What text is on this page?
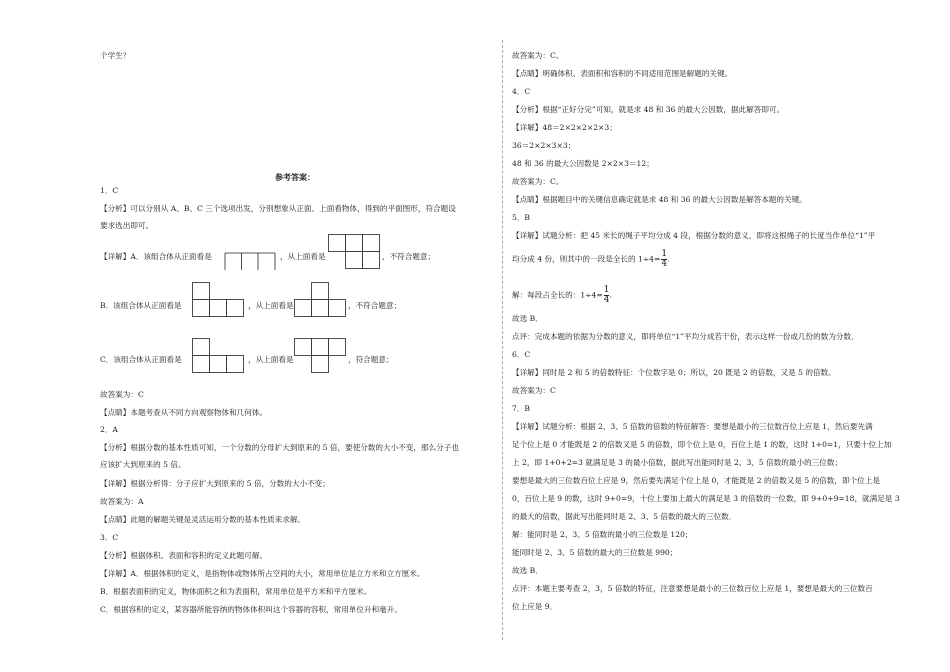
个学生？
参考答案：
1．C
【分析】可以分别从 A、B、C 三个选项出发，分别想象从正面、上面看物体，得到的平面图形，符合题设
要求选出即可。
【详解】A．该组合体从正面看是	，从上面看是	，不符合题意；
B．该组合体从正面看是	，从上面看是	，不符合题意；
C．该组合体从正面看是	，从上面看是	，符合题意；
故答案为：C
【点睛】本题考查从不同方向观察物体和几何体。
2．A
【分析】根据分数的基本性质可知，一个分数的分母扩大到原来的 5 倍，要使分数的大小不变，那么分子也
应该扩大到原来的 5 倍。
【详解】根据分析得：分子应扩大到原来的 5 倍，分数的大小不变；
故答案为：A
【点睛】此题的解题关键是灵活运用分数的基本性质来求解。
3．C
【分析】根据体积、表面和容积的定义此题可解。
【详解】A．根据体积的定义，是指物体或物体所占空间的大小，常用单位是立方米和立方厘米。
B．根据表面积的定义，物体面积之和为表面积，常用单位是平方米和平方厘米。
C．根据容积的定义，某容器所能容纳的物体体积叫这个容器的容积，常用单位升和毫升。
故答案为：C。
【点睛】明确体积、表面积和容积的不同适用范围是解题的关键。
4．C
【分析】根据“正好分完”可知，就是求 48 和 36 的最大公因数，据此解答即可。
【详解】48＝2×2×2×2×3；
36＝2×2×3×3；
48 和 36 的最大公因数是 2×2×3＝12；
故答案为：C。
【点睛】根据题目中的关键信息确定就是求 48 和 36 的最大公因数是解答本题的关键。
5．B
【详解】试题分析：把 45 米长的绳子平均分成 4 段，根据分数的意义，即将这根绳子的长度当作单位“1”平
均分成 4 份，则其中的一段是全长的 $1\div 4= \frac{1}{4}$ .
解：每段占全长的：$1\div 4= \frac{1}{4}$ .
故选 B．
点评：完成本题的依据为分数的意义，即将单位“1”平均分成若干份，表示这样一份或几份的数为分数．
6．C
【详解】同时是 2 和 5 的倍数特征：个位数字是 0；所以，20 既是 2 的倍数，又是 5 的倍数。
故答案为：C
7．B
【详解】试题分析：根据 2、3、5 倍数的倍数的特征解答：要想是最小的三位数百位上应是 1，然后要先满
足个位上是 0 才能既是 2 的倍数又是 5 的倍数，即个位上是 0，百位上是 1 的数，这时 1+0=1，只要十位上加
上 2，即 1+0+2=3 就满足是 3 的最小倍数，据此写出能同时是 2、3、5 倍数的最小的三位数；
要想是最大的三位数百位上应是 9，然后要先满足个位上是 0，才能既是 2 的倍数又是 5 的倍数，即个位上是
0，百位上是 9 的数，这时 9+0=9，十位上要加上最大的满足是 3 的倍数的一位数，即 9+0+9=18，就满足是 3
的最大的倍数，据此写出能同时是 2、3、5 倍数的最大的三位数．
解：能同时是 2、3、5 倍数的最小的三位数是 120；
能同时是 2、3、5 倍数的最大的三位数是 990；
故选 B．
点评：本题主要考查 2，3，5 倍数的特征，注意要想是最小的三位数百位上应是 1，要想是最大的三位数百
位上应是 9．
